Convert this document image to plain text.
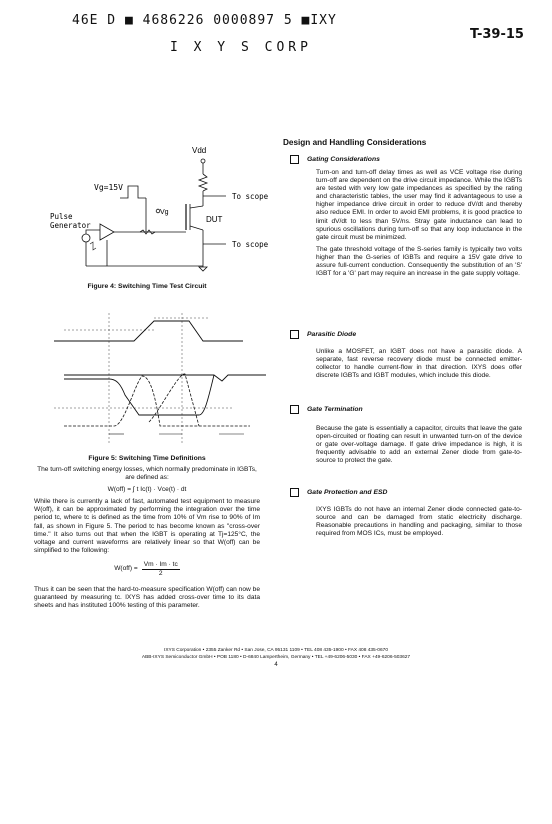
46E D ■ 4686226 0000897 5 ■IXY
I X Y S CORP
T-39-15
Vdd
To scope
DUT
Vg
To scope
Vg=15V
Pulse
Generator
Figure 4: Switching Time Test Circuit
Figure 5: Switching Time Definitions

The turn-off switching energy losses, which normally predominate in IGBTs, are defined as:

W(off) = ∫ t Ic(t) · Vce(t) · dt

While there is currently a lack of fast, automated test equipment to measure W(off), it can be approximated by performing the integration over the time period tc, where tc is defined as the time from 10% of Vm rise to 90% of Im fall, as shown in Figure 5. The period tc has become known as "cross-over time." It also turns out that when the IGBT is operating at Tj=125°C, the voltage and current waveforms are relatively linear so that W(off) can be simplified to the following:

$W(off) = \frac{Vm \cdot Im \cdot tc}{2}$

Thus it can be seen that the hard-to-measure specification W(off) can now be guaranteed by measuring tc. IXYS has added cross-over time to its data sheets and has instituted 100% testing of this parameter.

Design and Handling Considerations
Gating Considerations

Turn-on and turn-off delay times as well as VCE voltage rise during turn-off are dependent on the drive circuit impedance. While the IGBTs are tested with very low gate impedances as specified by the rating and characteristic tables, the user may find it advantageous to use a higher impedance drive circuit in order to reduce dV/dt and thereby also reduce EMI. In order to avoid EMI problems, it is good practice to limit dV/dt to less than 5V/ns. Stray gate inductance can lead to spurious oscillations during turn-off so that any loop inductance in the gate circuit must be minimized.

The gate threshold voltage of the S-series family is typically two volts higher than the G-series of IGBTs and require a 15V gate drive to assure full-current conduction. Consequently the substitution of an 'S' IGBT for a 'G' part may require an increase in the gate supply voltage.

Parasitic Diode

Unlike a MOSFET, an IGBT does not have a parasitic diode. A separate, fast reverse recovery diode must be connected emitter-collector to handle current-flow in that direction. IXYS does offer discrete IGBTs and IGBT modules, which include this diode.

Gate Termination

Because the gate is essentially a capacitor, circuits that leave the gate open-circuited or floating can result in unwanted turn-on of the device or gate over-voltage damage. If gate drive impedance is high, it is frequently advisable to add an external Zener diode from gate-to-source to protect the gate.

Gate Protection and ESD

IXYS IGBTs do not have an internal Zener diode connected gate-to-source and can be damaged from static electricity discharge. Reasonable precautions in handling and packaging, similar to those required from MOS ICs, must be employed.

IXYS Corporation • 2355 Zanker Rd • San Jose, CA 95131 1109 • TEL 408 435-1900 • FAX 408 435-0670
ABB-IXYS Semiconductor GmbH • POB 1180 • D-6840 Lampertheim, Germany • TEL +49-6206-5030 • FAX +49-6206-503627
4
